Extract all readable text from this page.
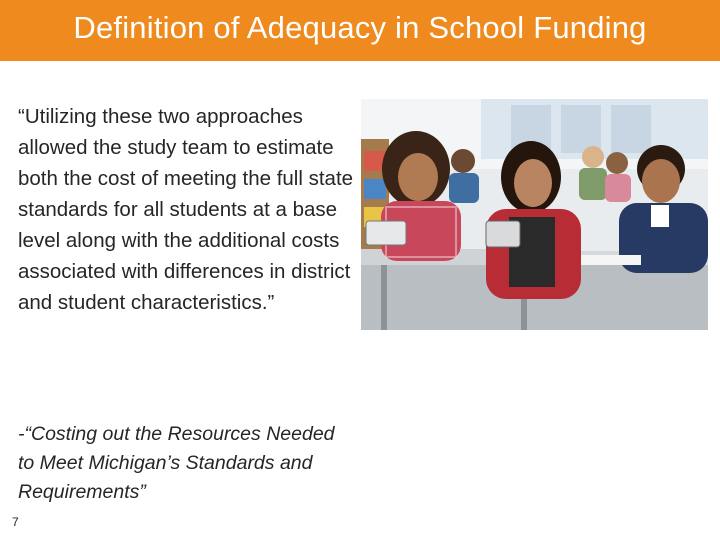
Definition of Adequacy in School Funding
“Utilizing these two approaches allowed the study team to estimate both the cost of meeting the full state standards for all students at a base level along with the additional costs associated with differences in district and student characteristics.”
-“Costing out the Resources Needed to Meet Michigan’s Standards and Requirements”
7
